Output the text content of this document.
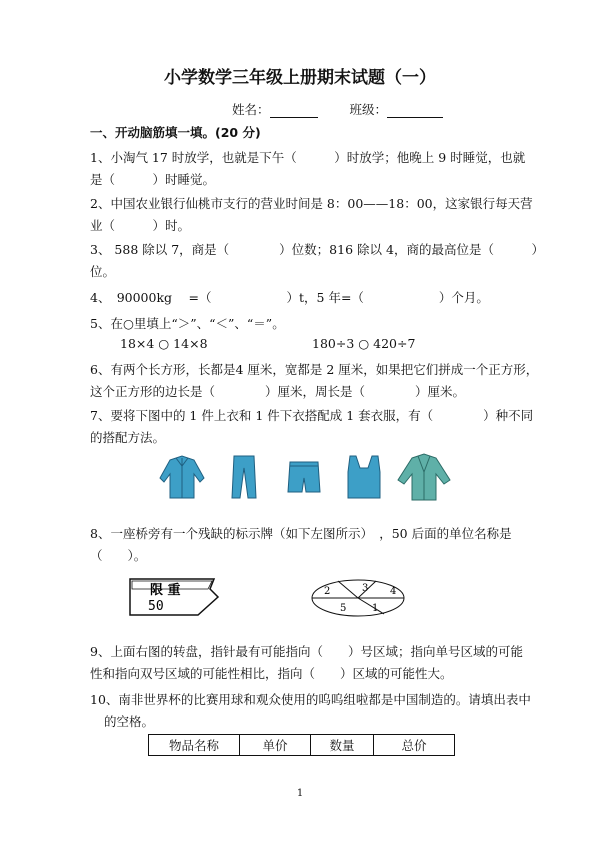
小学数学三年级上册期末试题（一）
姓名：	班级：
一、开动脑筋填一填。(20 分)
1、小淘气 17 时放学，也就是下午（　　　）时放学；他晚上 9 时睡觉，也就
是（　　　）时睡觉。
2、中国农业银行仙桃市支行的营业时间是 8：00——18：00，这家银行每天营
业（　　　）时。
3、 588 除以 7，商是（　　　　）位数；816 除以 4，商的最高位是（　　　）
位。
4、　90000kg　 =（　　　　　　）t，5 年=（　　　　　　）个月。
5、在○里填上“＞”、“＜”、“＝”。
18×4 ○ 14×8	180÷3 ○ 420÷7
6、有两个长方形，长都是4 厘米，宽都是 2 厘米，如果把它们拼成一个正方形，
这个正方形的边长是（　　　　）厘米，周长是（　　　　）厘米。
7、要将下图中的 1 件上衣和 1 件下衣搭配成 1 套衣服，有（　　　　）种不同
的搭配方法。
8、一座桥旁有一个残缺的标示牌（如下左图所示）　，50 后面的单位名称是
（　　）。
限 重
50	1
2	3 4
5
9、上面右图的转盘，指针最有可能指向（　　）号区域；指向单号区域的可能
性和指向双号区域的可能性相比，指向（　　）区域的可能性大。
10、南非世界杯的比赛用球和观众使用的呜呜组啦都是中国制造的。请填出表中
的空格。
物品名称	单价	数量	总价
1
